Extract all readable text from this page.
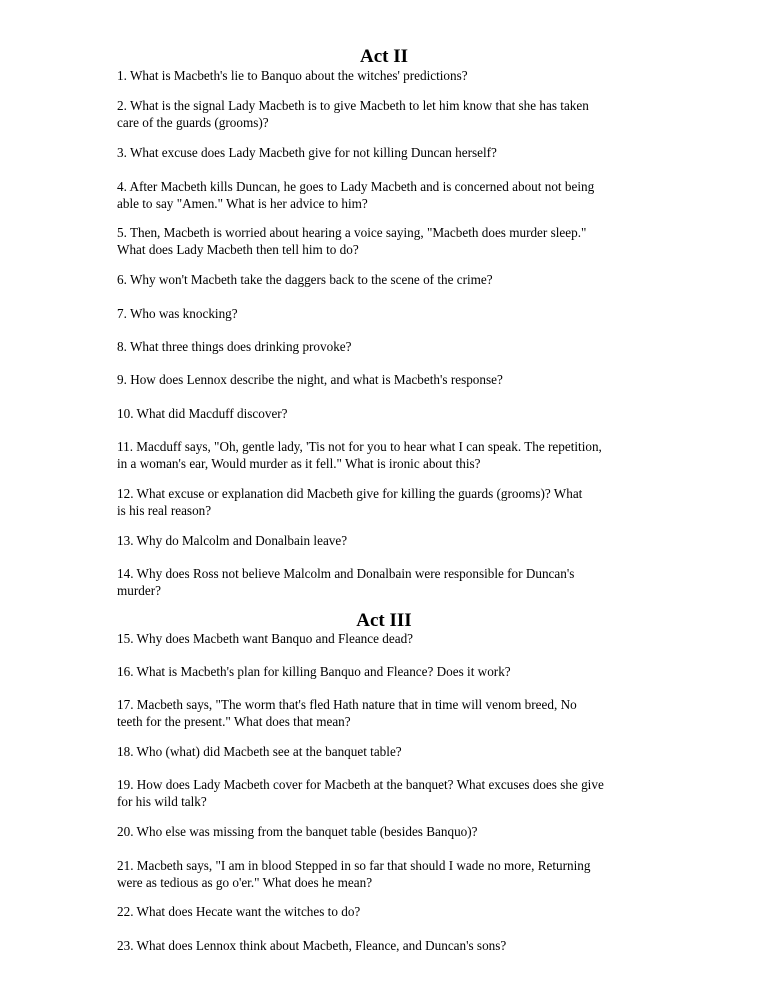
Act II

1. What is Macbeth's lie to Banquo about the witches' predictions?

2. What is the signal Lady Macbeth is to give Macbeth to let him know that she has taken
care of the guards (grooms)?

3. What excuse does Lady Macbeth give for not killing Duncan herself?

4. After Macbeth kills Duncan, he goes to Lady Macbeth and is concerned about not being
able to say "Amen." What is her advice to him?

5. Then, Macbeth is worried about hearing a voice saying, "Macbeth does murder sleep."
What does Lady Macbeth then tell him to do?

6. Why won't Macbeth take the daggers back to the scene of the crime?

7. Who was knocking?

8. What three things does drinking provoke?

9. How does Lennox describe the night, and what is Macbeth's response?

10. What did Macduff discover?

11. Macduff says, "Oh, gentle lady, 'Tis not for you to hear what I can speak. The repetition,
in a woman's ear, Would murder as it fell." What is ironic about this?

12. What excuse or explanation did Macbeth give for killing the guards (grooms)? What
is his real reason?

13. Why do Malcolm and Donalbain leave?

14. Why does Ross not believe Malcolm and Donalbain were responsible for Duncan's
murder?

Act III

15. Why does Macbeth want Banquo and Fleance dead?

16. What is Macbeth's plan for killing Banquo and Fleance? Does it work?

17. Macbeth says, "The worm that's fled Hath nature that in time will venom breed, No
teeth for the present." What does that mean?

18. Who (what) did Macbeth see at the banquet table?

19. How does Lady Macbeth cover for Macbeth at the banquet? What excuses does she give
for his wild talk?

20. Who else was missing from the banquet table (besides Banquo)?

21. Macbeth says, "I am in blood Stepped in so far that should I wade no more, Returning
were as tedious as go o'er." What does he mean?

22. What does Hecate want the witches to do?

23. What does Lennox think about Macbeth, Fleance, and Duncan's sons?
